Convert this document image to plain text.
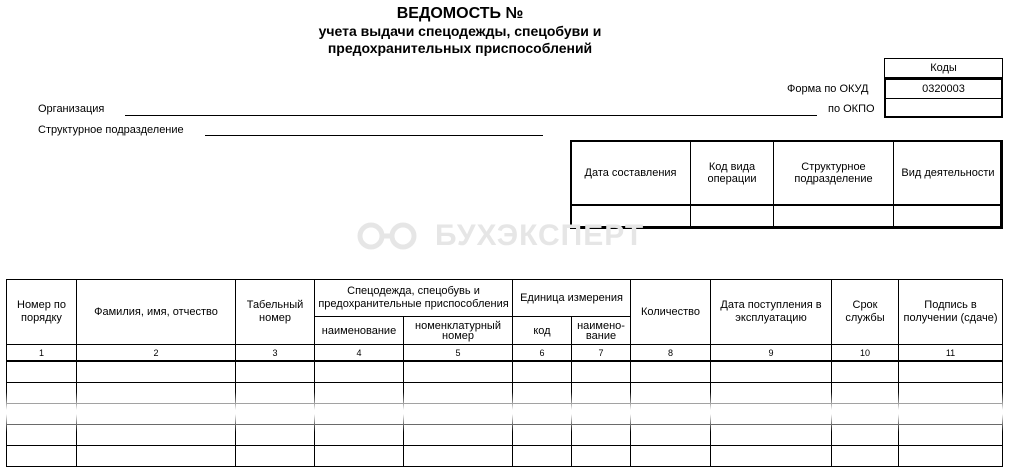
ВЕДОМОСТЬ №
учета выдачи спецодежды, спецобуви и
предохранительных приспособлений
Коды
Форма по ОКУД	0320003
по ОКПО
Организация
Структурное подразделение
Дата составления	Код вида операции	Структурное подразделение	Вид деятельности

БУХЭКСПЕРТ
Номер по порядку	Фамилия, имя, отчество	Табельный номер	Спецодежда, спецобувь и предохранительные приспособления		Единица измерения		Количество	Дата поступления в эксплуатацию	Срок службы	Подпись в получении (сдаче)
			наименование	номенклатурный номер	код	наимено-вание				
1	2	3	4	5	6	7	8	9	10	11
